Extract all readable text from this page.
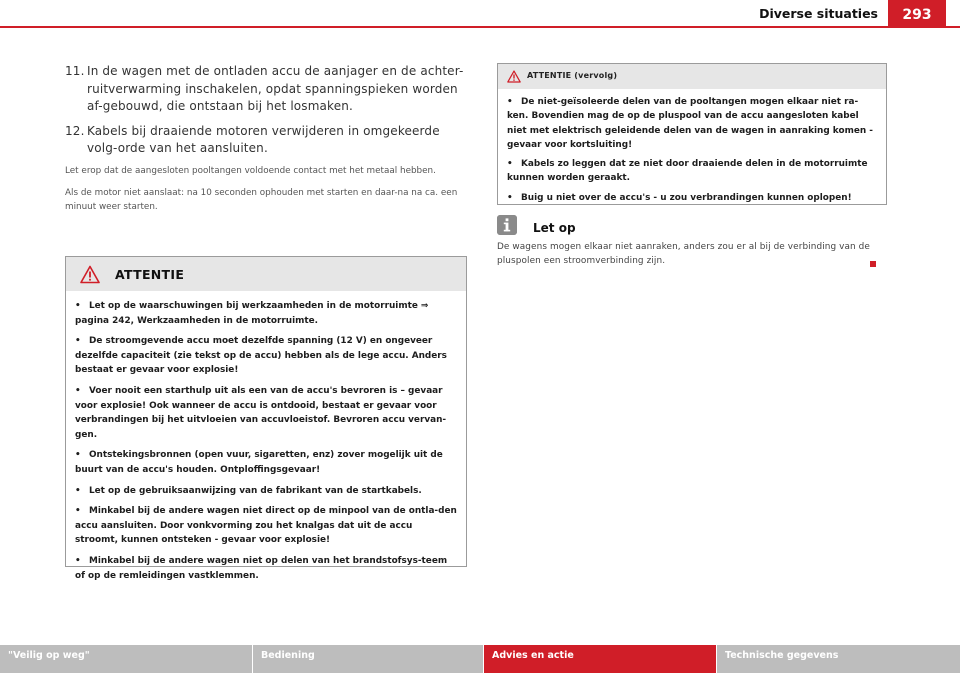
Diverse situaties	293
11. In de wagen met de ontladen accu de aanjager en de achter-ruitverwarming inschakelen, opdat spanningspieken worden af-gebouwd, die ontstaan bij het losmaken.
12. Kabels bij draaiende motoren verwijderen in omgekeerde volg-orde van het aansluiten.

Let erop dat de aangesloten pooltangen voldoende contact met het metaal hebben.

Als de motor niet aanslaat: na 10 seconden ophouden met starten en daar-na na ca. een minuut weer starten.

ATTENTIE

• Let op de waarschuwingen bij werkzaamheden in de motorruimte ⇒ pagina 242, Werkzaamheden in de motorruimte.

• De stroomgevende accu moet dezelfde spanning (12 V) en ongeveer dezelfde capaciteit (zie tekst op de accu) hebben als de lege accu. Anders bestaat er gevaar voor explosie!

• Voer nooit een starthulp uit als een van de accu's bevroren is – gevaar voor explosie! Ook wanneer de accu is ontdooid, bestaat er gevaar voor verbrandingen bij het uitvloeien van accuvloeistof. Bevroren accu vervan-gen.

• Ontstekingsbronnen (open vuur, sigaretten, enz) zover mogelijk uit de buurt van de accu's houden. Ontploffingsgevaar!

• Let op de gebruiksaanwijzing van de fabrikant van de startkabels.

• Minkabel bij de andere wagen niet direct op de minpool van de ontla-den accu aansluiten. Door vonkvorming zou het knalgas dat uit de accu stroomt, kunnen ontsteken - gevaar voor explosie!

• Minkabel bij de andere wagen niet op delen van het brandstofsys-teem of op de remleidingen vastklemmen.

ATTENTIE (vervolg)

• De niet-geïsoleerde delen van de pooltangen mogen elkaar niet ra-ken. Bovendien mag de op de pluspool van de accu aangesloten kabel niet met elektrisch geleidende delen van de wagen in aanraking komen - gevaar voor kortsluiting!

• Kabels zo leggen dat ze niet door draaiende delen in de motorruimte kunnen worden geraakt.

• Buig u niet over de accu's - u zou verbrandingen kunnen oplopen!

Let op

De wagens mogen elkaar niet aanraken, anders zou er al bij de verbinding van de pluspolen een stroomverbinding zijn.

"Veilig op weg"	Bediening	Advies en actie	Technische gegevens
